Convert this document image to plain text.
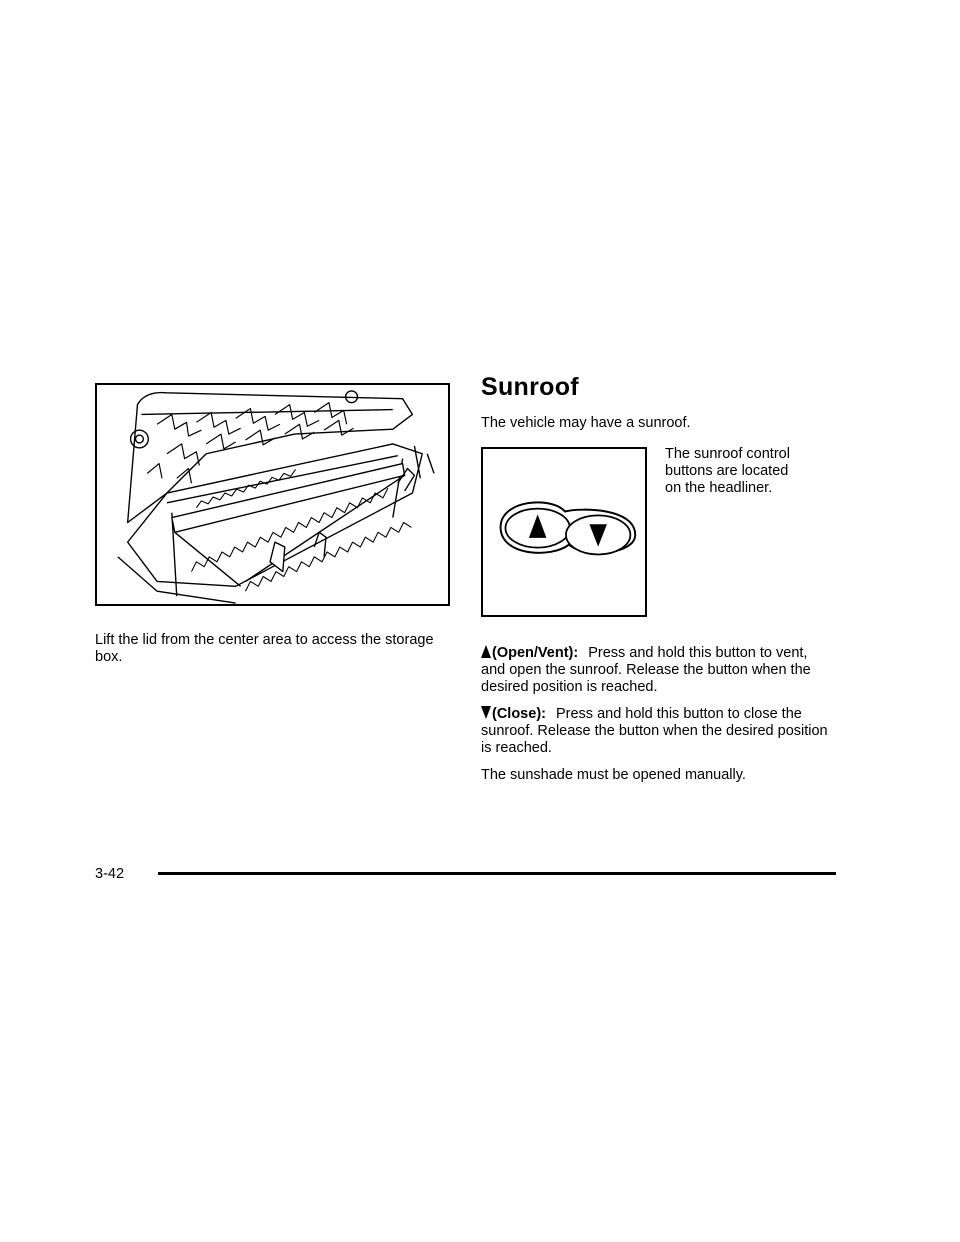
Lift the lid from the center area to access the storage box.

Sunroof

The vehicle may have a sunroof.

The sunroof control buttons are located on the headliner.

(Open/Vent): Press and hold this button to vent, and open the sunroof. Release the button when the desired position is reached.

(Close): Press and hold this button to close the sunroof. Release the button when the desired position is reached.

The sunshade must be opened manually.

3-42
